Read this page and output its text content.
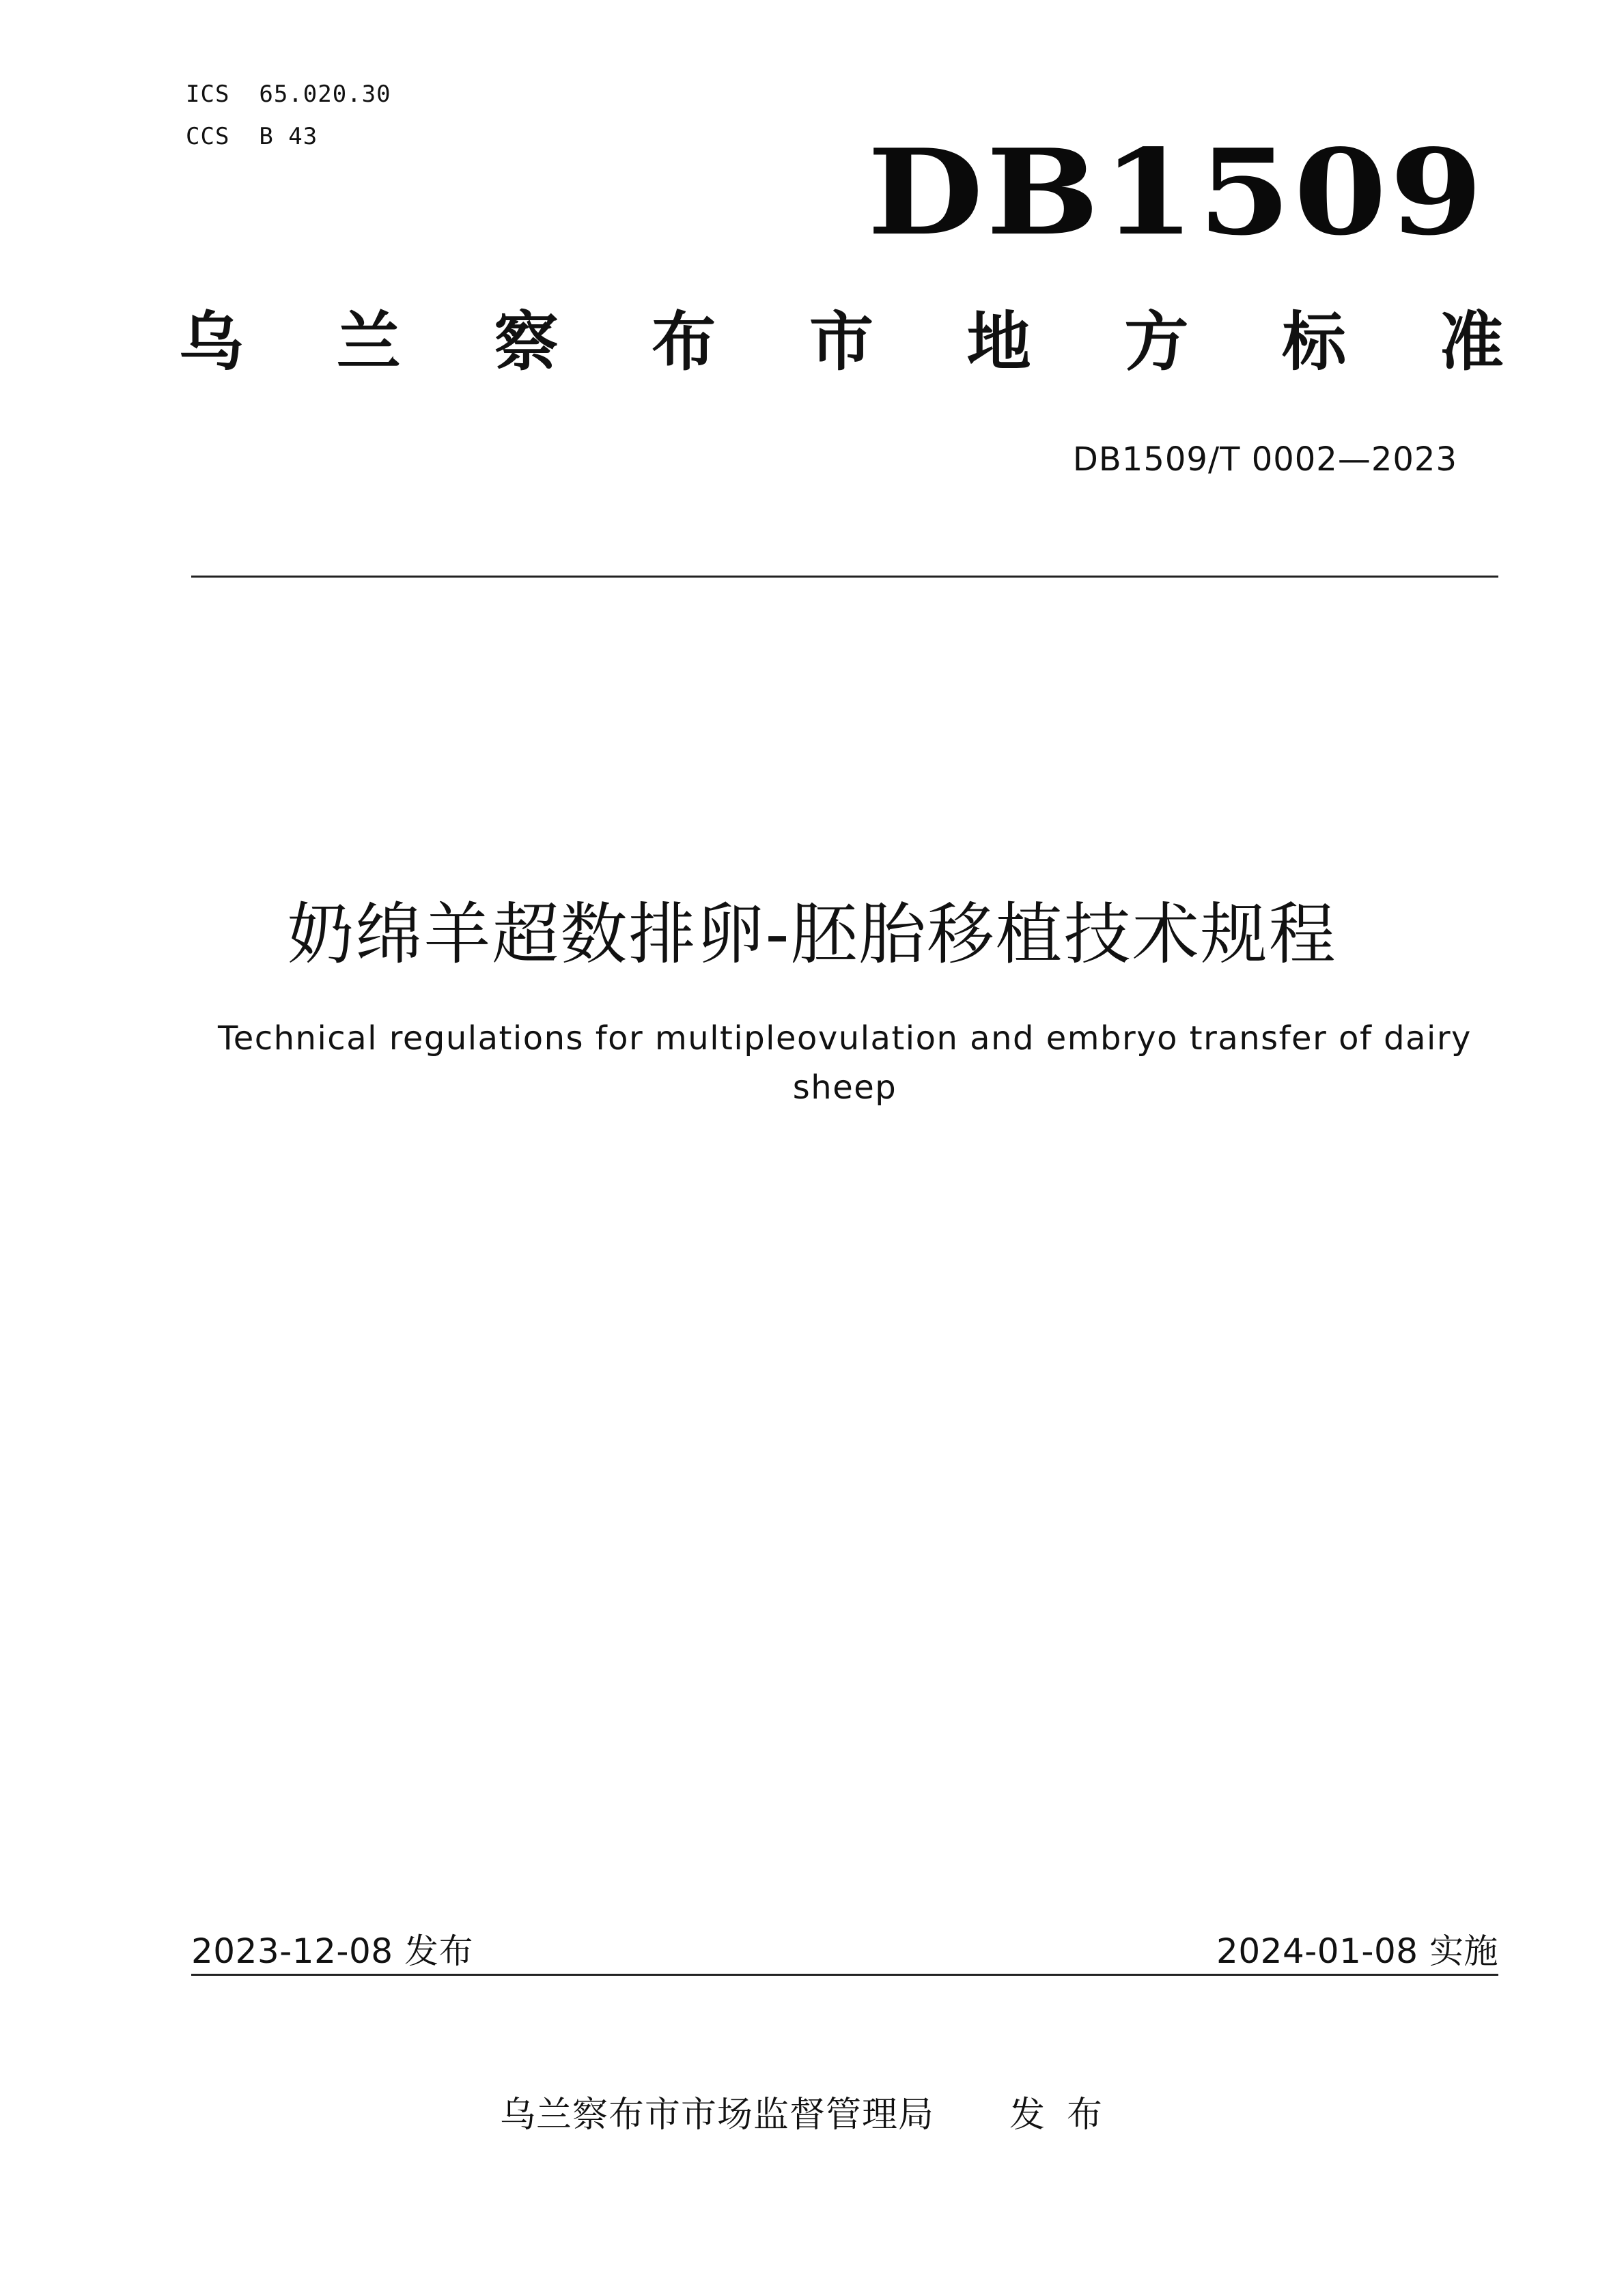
ICS  65.020.30
CCS  B 43	DB1509
乌 兰 察 布 市 地 方 标 准
DB1509/T 0002—2023
奶绵羊超数排卵-胚胎移植技术规程
Technical regulations for multipleovulation and embryo transfer of dairy sheep
2023-12-08 发布	2024-01-08 实施
乌兰察布市市场监督管理局 发布
